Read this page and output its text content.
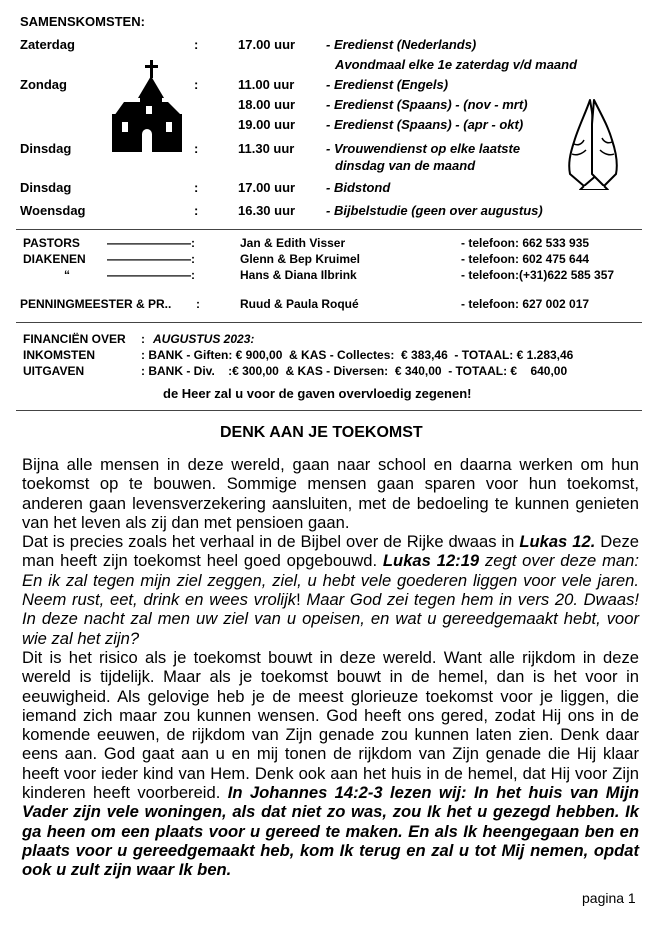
SAMENSKOMSTEN:
Zaterdag	:	17.00 uur - Eredienst (Nederlands)
Avondmaal elke 1e zaterdag v/d maand
Zondag	:	11.00 uur - Eredienst (Engels)
18.00 uur - Eredienst (Spaans) - (nov - mrt)
19.00 uur - Eredienst (Spaans) - (apr - okt)
Dinsdag	:	11.30 uur - Vrouwendienst op elke laatste
dinsdag van de maand
Dinsdag	:	17.00 uur - Bidstond
Woensdag	:	16.30 uur - Bijbelstudie (geen over augustus)
PASTORS ———————:	Jan & Edith Visser	- telefoon: 662 533 935
DIAKENEN ———————:	Glenn & Bep Kruimel	- telefoon: 602 475 644
“	———————:	Hans & Diana Ilbrink	- telefoon:(+31)622 585 357
PENNINGMEESTER & PR.. :	Ruud & Paula Roqué	- telefoon: 627 002 017
FINANCIËN OVER : AUGUSTUS 2023:
INKOMSTEN	: BANK - Giften: € 900,00  & KAS - Collectes:  € 383,46  - TOTAAL: € 1.283,46
UITGAVEN	: BANK - Div.    :€ 300,00  & KAS - Diversen:  € 340,00  - TOTAAL: €    640,00
de Heer zal u voor de gaven overvloedig zegenen!
DENK AAN JE TOEKOMST

Bijna alle mensen in deze wereld, gaan naar school en daarna werken om hun toekomst op te bouwen. Sommige mensen gaan sparen voor hun toekomst, anderen gaan levensverzekering aansluiten, met de bedoeling te kunnen genieten van het leven als zij dan met pensioen gaan.

Dat is precies zoals het verhaal in de Bijbel over de Rijke dwaas in Lukas 12. Deze man heeft zijn toekomst heel goed opgebouwd. Lukas 12:19 zegt over deze man: En ik zal tegen mijn ziel zeggen, ziel, u hebt vele goederen liggen voor vele jaren. Neem rust, eet, drink en wees vrolijk! Maar God zei tegen hem in vers 20. Dwaas! In deze nacht zal men uw ziel van u opeisen, en wat u gereedgemaakt hebt, voor wie zal het zijn?

Dit is het risico als je toekomst bouwt in deze wereld. Want alle rijkdom in deze wereld is tijdelijk. Maar als je toekomst bouwt in de hemel, dan is het voor in eeuwigheid. Als gelovige heb je de meest glorieuze toekomst voor je liggen, die iemand zich maar zou kunnen wensen. God heeft ons gered, zodat Hij ons in de komende eeuwen, de rijkdom van Zijn genade zou kunnen laten zien. Denk daar eens aan. God gaat aan u en mij tonen de rijkdom van Zijn genade die Hij klaar heeft voor ieder kind van Hem. Denk ook aan het huis in de hemel, dat Hij voor Zijn kinderen heeft voorbereid. In Johannes 14:2-3 lezen wij: In het huis van Mijn Vader zijn vele woningen, als dat niet zo was, zou Ik het u gezegd hebben. Ik ga heen om een plaats voor u gereed te maken. En als Ik heengegaan ben en plaats voor u gereedgemaakt heb, kom Ik terug en zal u tot Mij nemen, opdat ook u zult zijn waar Ik ben.

pagina 1
